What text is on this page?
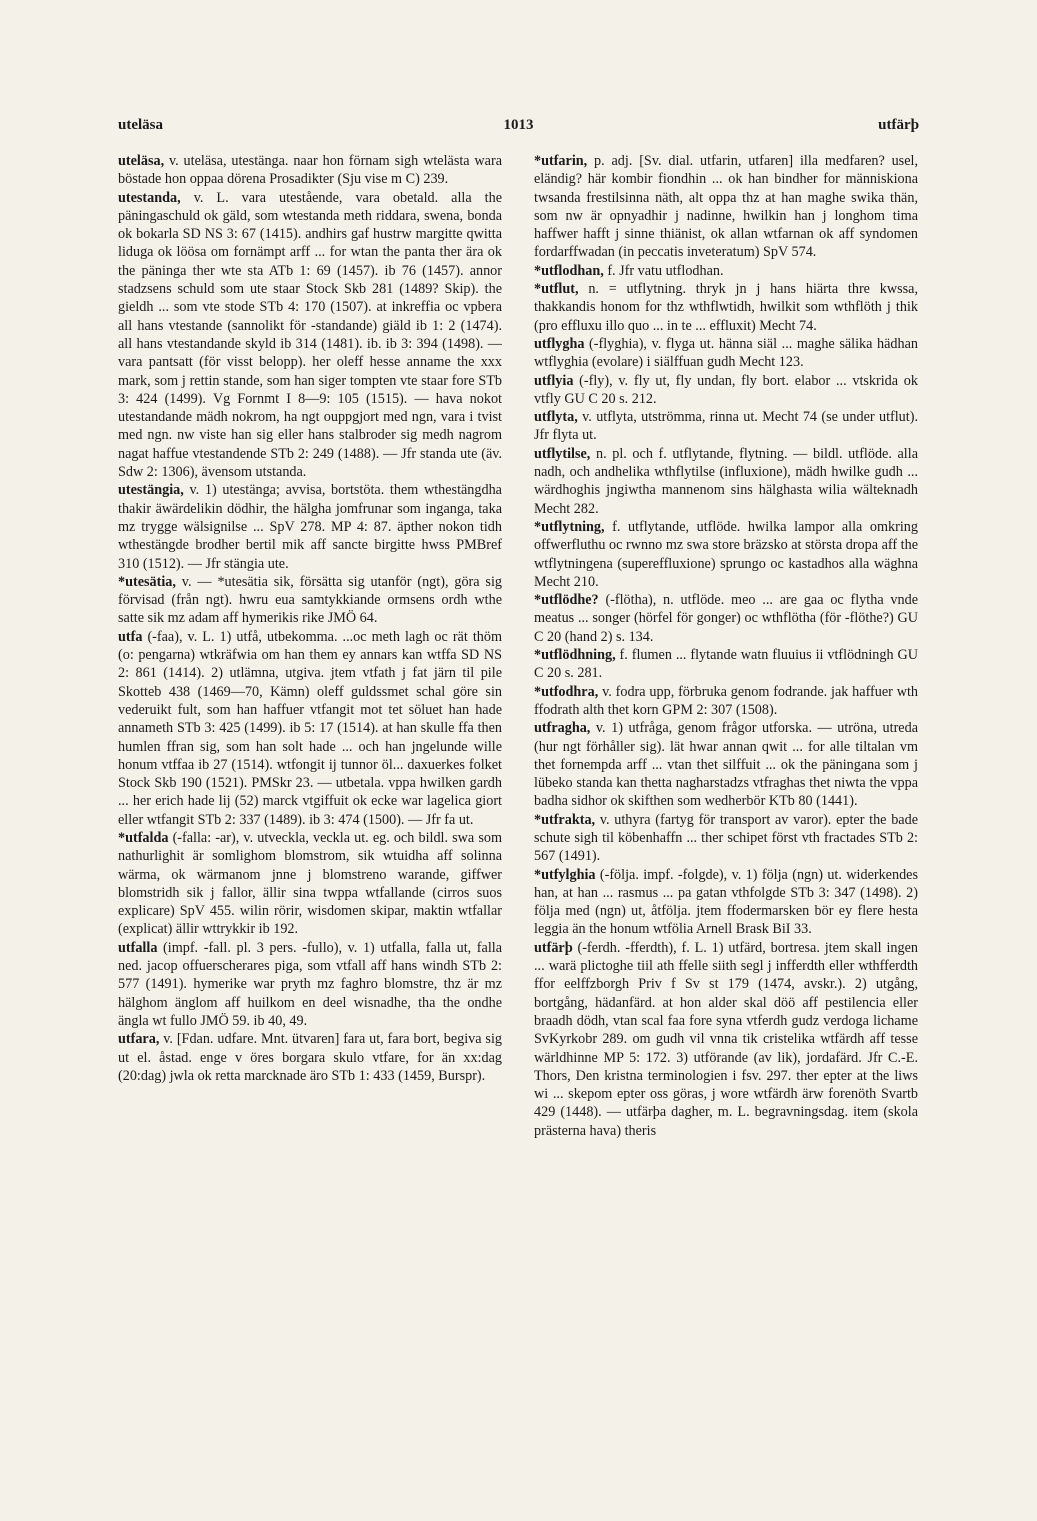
uteläsa	1013	utfärþ

uteläsa, v. uteläsa, utestänga. naar hon förnam sigh wtelästa wara böstade hon oppaa dörena Prosadikter (Sju vise m C) 239.

utestanda, v. L. vara utestående, vara obetald. alla the päningaschuld ok gäld, som wtestanda meth riddara, swena, bonda ok bokarla SD NS 3: 67 (1415). andhirs gaf hustrw margitte qwitta liduga ok löösa om fornämpt arff ... for wtan the panta ther ära ok the päninga ther wte sta ATb 1: 69 (1457). ib 76 (1457). annor stadzsens schuld som ute staar Stock Skb 281 (1489? Skip). the gieldh ... som vte stode STb 4: 170 (1507). at inkreffia oc vpbera all hans vtestande (sannolikt för -standande) giäld ib 1: 2 (1474). all hans vtestandande skyld ib 314 (1481). ib. ib 3: 394 (1498). — vara pantsatt (för visst belopp). her oleff hesse anname the xxx mark, som j rettin stande, som han siger tompten vte staar fore STb 3: 424 (1499). Vg Fornmt I 8—9: 105 (1515). — hava nokot utestandande mädh nokrom, ha ngt ouppgjort med ngn, vara i tvist med ngn. nw viste han sig eller hans stalbroder sig medh nagrom nagat haffue vtestandende STb 2: 249 (1488). — Jfr standa ute (äv. Sdw 2: 1306), ävensom utstanda.

utestängia, v. 1) utestänga; avvisa, bortstöta. them wthestängdha thakir äwärdelikin dödhir, the hälgha jomfrunar som inganga, taka mz trygge wälsignilse ... SpV 278. MP 4: 87. äpther nokon tidh wthestängde brodher bertil mik aff sancte birgitte hwss PMBref 310 (1512). — Jfr stängia ute.

*utesätia, v. — *utesätia sik, försätta sig utanför (ngt), göra sig förvisad (från ngt). hwru eua samtykkiande ormsens ordh wthe satte sik mz adam aff hymerikis rike JMÖ 64.

utfa (-faa), v. L. 1) utfå, utbekomma. ...oc meth lagh oc rät thöm (o: pengarna) wtkräfwia om han them ey annars kan wtffa SD NS 2: 861 (1414). 2) utlämna, utgiva. jtem vtfath j fat järn til pile Skotteb 438 (1469—70, Kämn) oleff guldssmet schal göre sin vederuikt fult, som han haffuer vtfangit mot tet söluet han hade annameth STb 3: 425 (1499). ib 5: 17 (1514). at han skulle ffa then humlen ffran sig, som han solt hade ... och han jngelunde wille honum vtffaa ib 27 (1514). wtfongit ij tunnor öl... daxuerkes folket Stock Skb 190 (1521). PMSkr 23. — utbetala. vppa hwilken gardh ... her erich hade lij (52) marck vtgiffuit ok ecke war lagelica giort eller wtfangit STb 2: 337 (1489). ib 3: 474 (1500). — Jfr fa ut.

*utfalda (-falla: -ar), v. utveckla, veckla ut. eg. och bildl. swa som nathurlighit är somlighom blomstrom, sik wtuidha aff solinna wärma, ok wärmanom jnne j blomstreno warande, giffwer blomstridh sik j fallor, ällir sina twppa wtfallande (cirros suos explicare) SpV 455. wilin rörir, wisdomen skipar, maktin wtfallar (explicat) ällir wttrykkir ib 192.

utfalla (impf. -fall. pl. 3 pers. -fullo), v. 1) utfalla, falla ut, falla ned. jacop offuerscherares piga, som vtfall aff hans windh STb 2: 577 (1491). hymerike war pryth mz faghro blomstre, thz är mz hälghom änglom aff huilkom en deel wisnadhe, tha the ondhe ängla wt fullo JMÖ 59. ib 40, 49.

utfara, v. [Fdan. udfare. Mnt. ütvaren] fara ut, fara bort, begiva sig ut el. åstad. enge v öres borgara skulo vtfare, for än xx:dag (20:dag) jwla ok retta marcknade äro STb 1: 433 (1459, Burspr).

*utfarin, p. adj. [Sv. dial. utfarin, utfaren] illa medfaren? usel, eländig? här kombir fiondhin ... ok han bindher for människiona twsanda frestilsinna näth, alt oppa thz at han maghe swika thän, som nw är opnyadhir j nadinne, hwilkin han j longhom tima haffwer hafft j sinne thiänist, ok allan wtfarnan ok aff syndomen fordarffwadan (in peccatis inveteratum) SpV 574.

*utflodhan, f. Jfr vatu utflodhan.

*utflut, n. = utflytning. thryk jn j hans hiärta thre kwssa, thakkandis honom for thz wthflwtidh, hwilkit som wthflöth j thik (pro effluxu illo quo ... in te ... effluxit) Mecht 74.

utflygha (-flyghia), v. flyga ut. hänna siäl ... maghe sälika hädhan wtflyghia (evolare) i siälffuan gudh Mecht 123.

utflyia (-fly), v. fly ut, fly undan, fly bort. elabor ... vtskrida ok vtfly GU C 20 s. 212.

utflyta, v. utflyta, utströmma, rinna ut. Mecht 74 (se under utflut). Jfr flyta ut.

utflytilse, n. pl. och f. utflytande, flytning. — bildl. utflöde. alla nadh, och andhelika wthflytilse (influxione), mädh hwilke gudh ... wärdhoghis jngiwtha mannenom sins hälghasta wilia wälteknadh Mecht 282.

*utflytning, f. utflytande, utflöde. hwilka lampor alla omkring offwerfluthu oc rwnno mz swa store bräzsko at största dropa aff the wtflytningena (supereffluxione) sprungo oc kastadhos alla wäghna Mecht 210.

*utflödhe? (-flötha), n. utflöde. meo ... are gaa oc flytha vnde meatus ... songer (hörfel för gonger) oc wthflötha (för -flöthe?) GU C 20 (hand 2) s. 134.

*utflödhning, f. flumen ... flytande watn fluuius ii vtflödningh GU C 20 s. 281.

*utfodhra, v. fodra upp, förbruka genom fodrande. jak haffuer wth ffodrath alth thet korn GPM 2: 307 (1508).

utfragha, v. 1) utfråga, genom frågor utforska. — utröna, utreda (hur ngt förhåller sig). lät hwar annan qwit ... for alle tiltalan vm thet fornempda arff ... vtan thet silffuit ... ok the päninganа som j lübeko standa kan thetta nagharstadzs vtfraghas thet niwta the vppa badha sidhor ok skifthen som wedherbör KTb 80 (1441).

*utfrakta, v. uthyra (fartyg för transport av varor). epter the bade schute sigh til köbenhaffn ... ther schipet först vth fractades STb 2: 567 (1491).

*utfylghia (-följa. impf. -folgde), v. 1) följa (ngn) ut. widerkendes han, at han ... rasmus ... pa gatan vthfolgde STb 3: 347 (1498). 2) följa med (ngn) ut, åtfölja. jtem ffodermarsken bör ey flere hesta leggia än the honum wtfölia Arnell Brask BiI 33.

utfärþ (-ferdh. -fferdth), f. L. 1) utfärd, bortresa. jtem skall ingen ... warä plictoghe tiil ath ffelle siith segl j infferdth eller wthfferdth ffor eelffzborgh Priv f Sv st 179 (1474, avskr.). 2) utgång, bortgång, hädanfärd. at hon alder skal döö aff pestilencia eller braadh dödh, vtan scal faa fore syna vtferdh gudz verdoga lichame SvKyrkobr 289. om gudh vil vnna tik cristelika wtfärdh aff tesse wärldhinne MP 5: 172. 3) utförande (av lik), jordafärd. Jfr C.-E. Thors, Den kristna terminologien i fsv. 297. ther epter at the liws wi ... skepom epter oss göras, j wore wtfärdh ärw forenöth Svartb 429 (1448). — utfärþa dagher, m. L. begravningsdag. item (skola prästerna hava) theris
